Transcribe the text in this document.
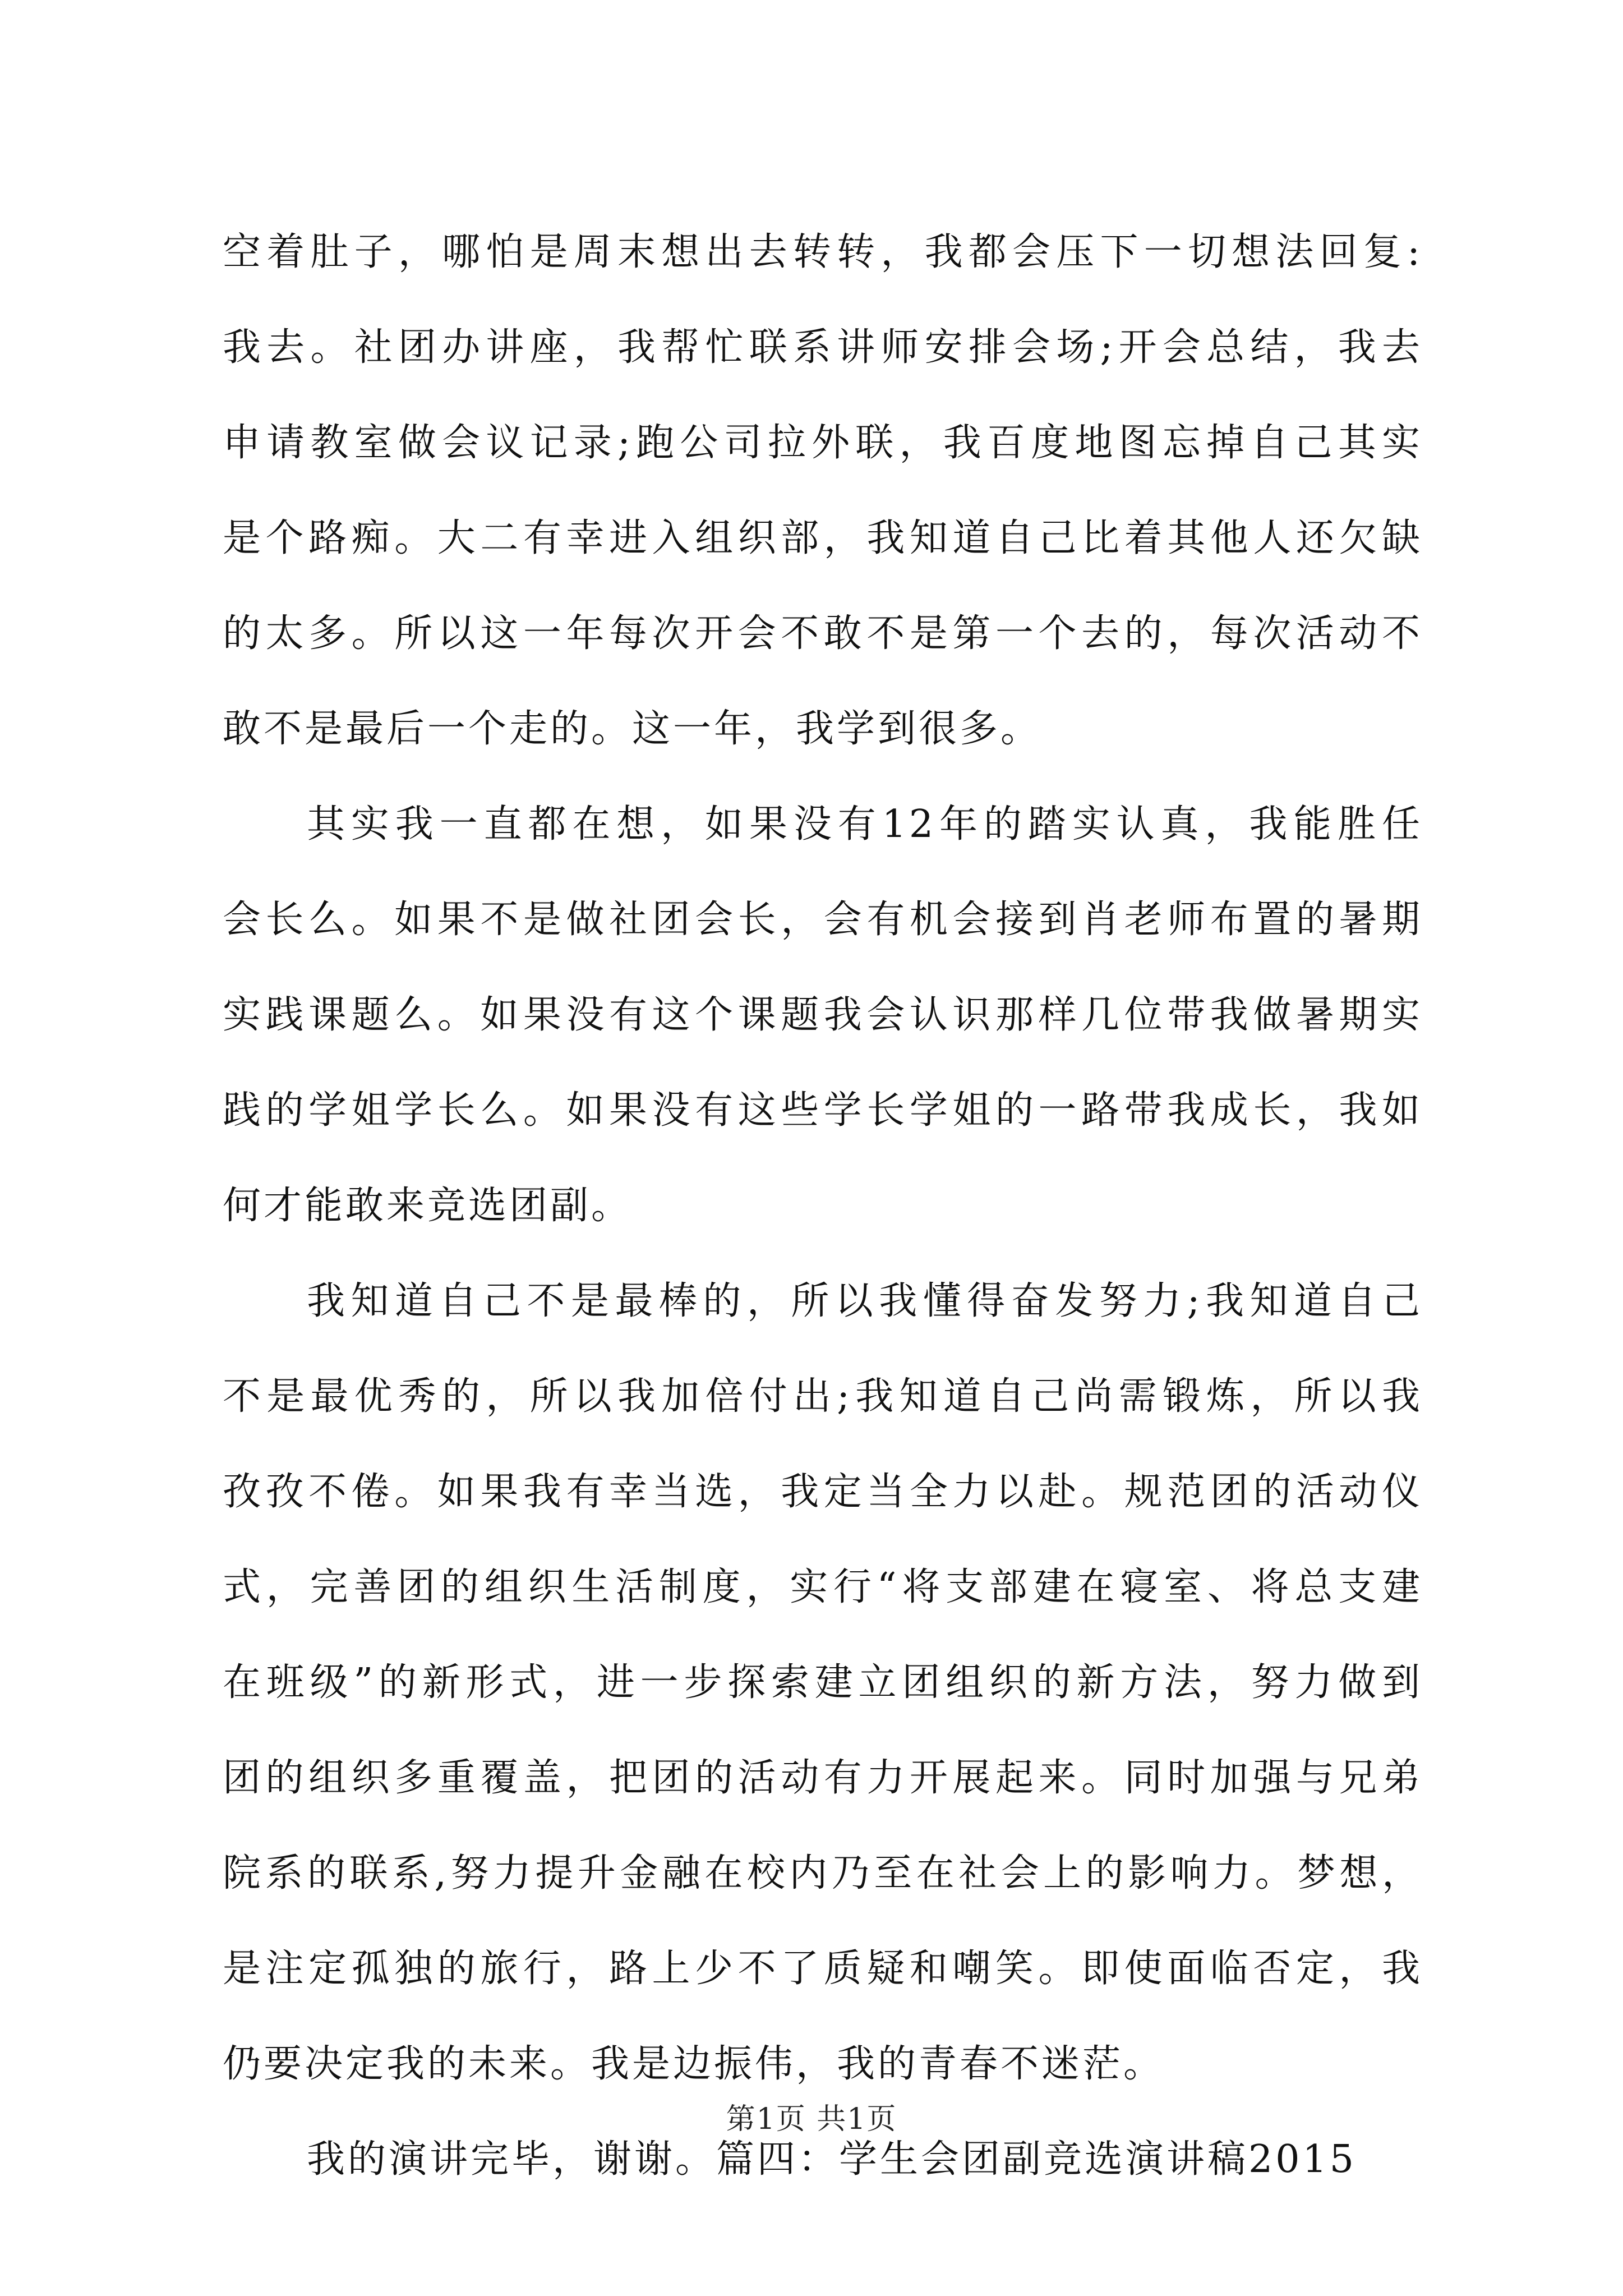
空着肚子，哪怕是周末想出去转转，我都会压下一切想法回复:
我去。社团办讲座，我帮忙联系讲师安排会场;开会总结，我去
申请教室做会议记录;跑公司拉外联，我百度地图忘掉自己其实
是个路痴。大二有幸进入组织部，我知道自己比着其他人还欠缺
的太多。所以这一年每次开会不敢不是第一个去的，每次活动不
敢不是最后一个走的。这一年，我学到很多。
其实我一直都在想，如果没有12年的踏实认真，我能胜任
会长么。如果不是做社团会长，会有机会接到肖老师布置的暑期
实践课题么。如果没有这个课题我会认识那样几位带我做暑期实
践的学姐学长么。如果没有这些学长学姐的一路带我成长，我如
何才能敢来竞选团副。
我知道自己不是最棒的，所以我懂得奋发努力;我知道自己
不是最优秀的，所以我加倍付出;我知道自己尚需锻炼，所以我
孜孜不倦。如果我有幸当选，我定当全力以赴。规范团的活动仪
式，完善团的组织生活制度，实行“将支部建在寝室、将总支建
在班级”的新形式，进一步探索建立团组织的新方法，努力做到
团的组织多重覆盖，把团的活动有力开展起来。同时加强与兄弟
院系的联系,努力提升金融在校内乃至在社会上的影响力。梦想，
是注定孤独的旅行，路上少不了质疑和嘲笑。即使面临否定，我
仍要决定我的未来。我是边振伟，我的青春不迷茫。
我的演讲完毕，谢谢。篇四：学生会团副竞选演讲稿2015
第1页 共1页
